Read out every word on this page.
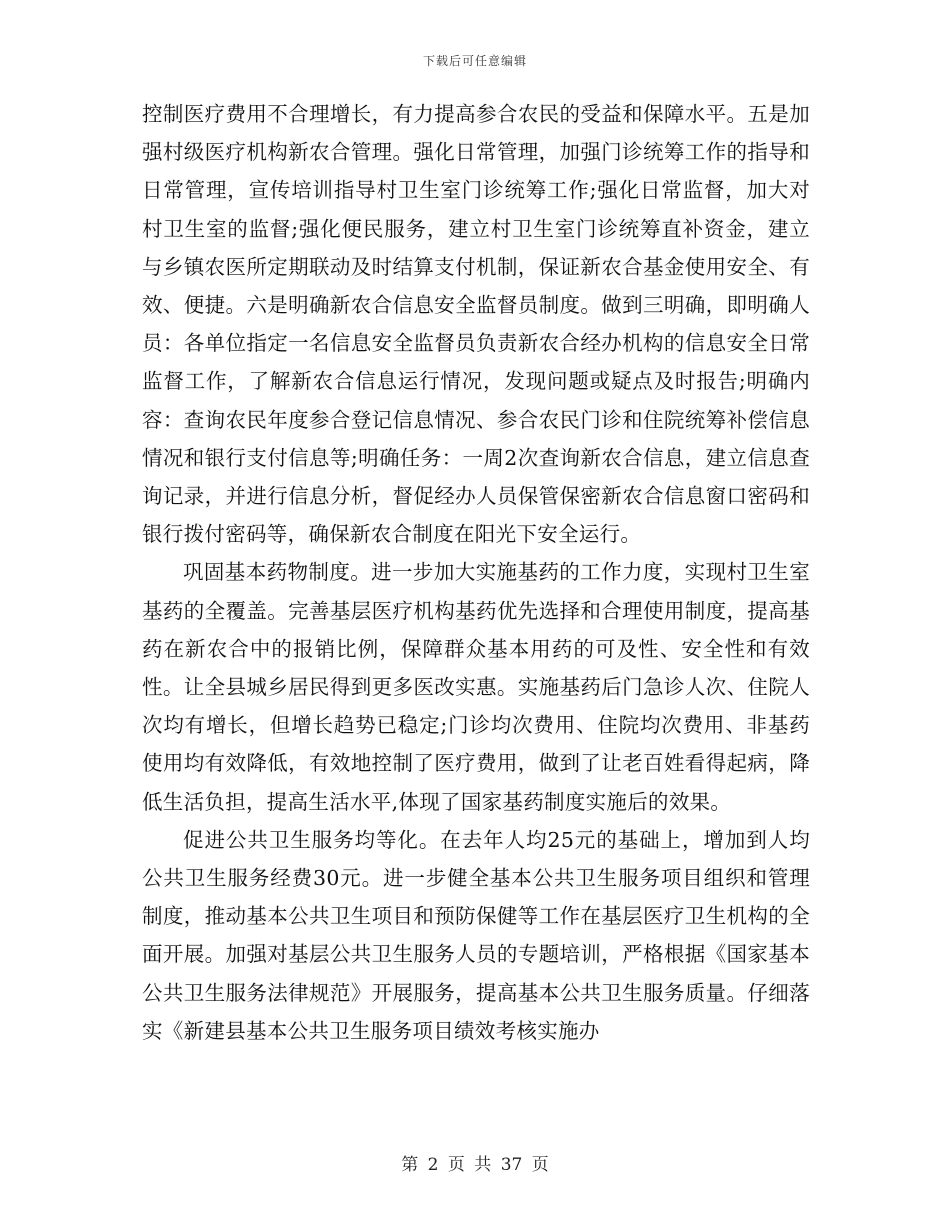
下载后可任意编辑

控制医疗费用不合理增长，有力提高参合农民的受益和保障水平。五是加强村级医疗机构新农合管理。强化日常管理，加强门诊统筹工作的指导和日常管理，宣传培训指导村卫生室门诊统筹工作;强化日常监督，加大对村卫生室的监督;强化便民服务，建立村卫生室门诊统筹直补资金，建立与乡镇农医所定期联动及时结算支付机制，保证新农合基金使用安全、有效、便捷。六是明确新农合信息安全监督员制度。做到三明确，即明确人员：各单位指定一名信息安全监督员负责新农合经办机构的信息安全日常监督工作，了解新农合信息运行情况，发现问题或疑点及时报告;明确内容：查询农民年度参合登记信息情况、参合农民门诊和住院统筹补偿信息情况和银行支付信息等;明确任务：一周2次查询新农合信息，建立信息查询记录，并进行信息分析，督促经办人员保管保密新农合信息窗口密码和银行拨付密码等，确保新农合制度在阳光下安全运行。

巩固基本药物制度。进一步加大实施基药的工作力度，实现村卫生室基药的全覆盖。完善基层医疗机构基药优先选择和合理使用制度，提高基药在新农合中的报销比例，保障群众基本用药的可及性、安全性和有效性。让全县城乡居民得到更多医改实惠。实施基药后门急诊人次、住院人次均有增长，但增长趋势已稳定;门诊均次费用、住院均次费用、非基药使用均有效降低，有效地控制了医疗费用，做到了让老百姓看得起病，降低生活负担，提高生活水平,体现了国家基药制度实施后的效果。

促进公共卫生服务均等化。在去年人均25元的基础上，增加到人均公共卫生服务经费30元。进一步健全基本公共卫生服务项目组织和管理制度，推动基本公共卫生项目和预防保健等工作在基层医疗卫生机构的全面开展。加强对基层公共卫生服务人员的专题培训，严格根据《国家基本公共卫生服务法律规范》开展服务，提高基本公共卫生服务质量。仔细落实《新建县基本公共卫生服务项目绩效考核实施办

第 2 页 共 37 页
